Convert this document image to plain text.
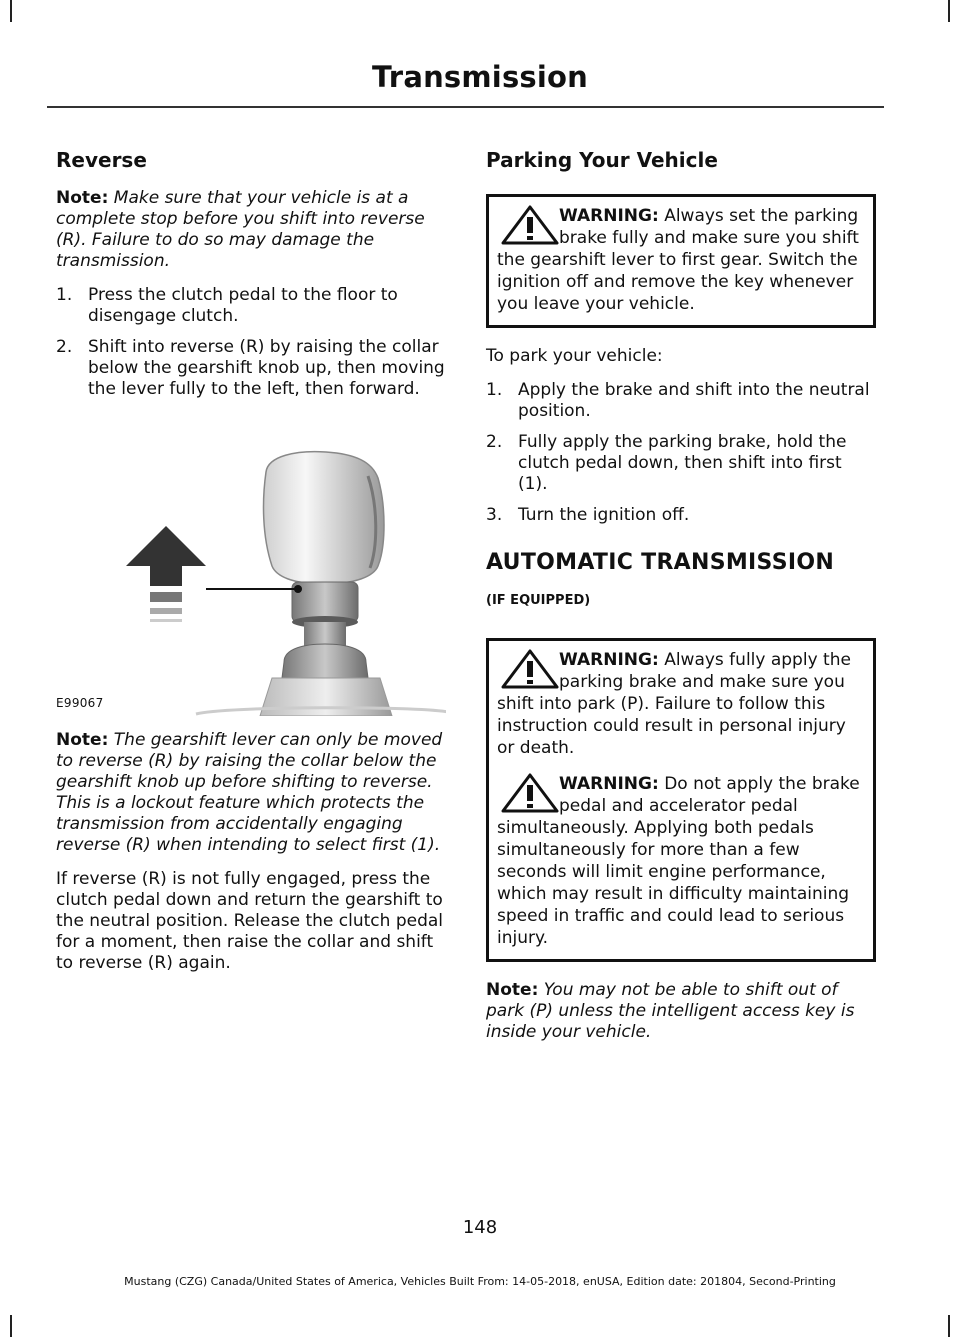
Transmission
Reverse

Note: Make sure that your vehicle is at a complete stop before you shift into reverse (R). Failure to do so may damage the transmission.

1. Press the clutch pedal to the floor to disengage clutch.
2. Shift into reverse (R) by raising the collar below the gearshift knob up, then moving the lever fully to the left, then forward.
E99067

Note: The gearshift lever can only be moved to reverse (R) by raising the collar below the gearshift knob up before shifting to reverse. This is a lockout feature which protects the transmission from accidentally engaging reverse (R) when intending to select first (1).

If reverse (R) is not fully engaged, press the clutch pedal down and return the gearshift to the neutral position. Release the clutch pedal for a moment, then raise the collar and shift to reverse (R) again.

Parking Your Vehicle
WARNING: Always set the parking brake fully and make sure you shift the gearshift lever to first gear. Switch the ignition off and remove the key whenever you leave your vehicle.

To park your vehicle:

1. Apply the brake and shift into the neutral position.
2. Fully apply the parking brake, hold the clutch pedal down, then shift into first (1).
3. Turn the ignition off.
AUTOMATIC TRANSMISSION
(IF EQUIPPED)
WARNING: Always fully apply the parking brake and make sure you shift into park (P). Failure to follow this instruction could result in personal injury or death.
WARNING: Do not apply the brake pedal and accelerator pedal simultaneously. Applying both pedals simultaneously for more than a few seconds will limit engine performance, which may result in difficulty maintaining speed in traffic and could lead to serious injury.

Note: You may not be able to shift out of park (P) unless the intelligent access key is inside your vehicle.

148
Mustang (CZG) Canada/United States of America, Vehicles Built From: 14-05-2018, enUSA, Edition date: 201804, Second-Printing
